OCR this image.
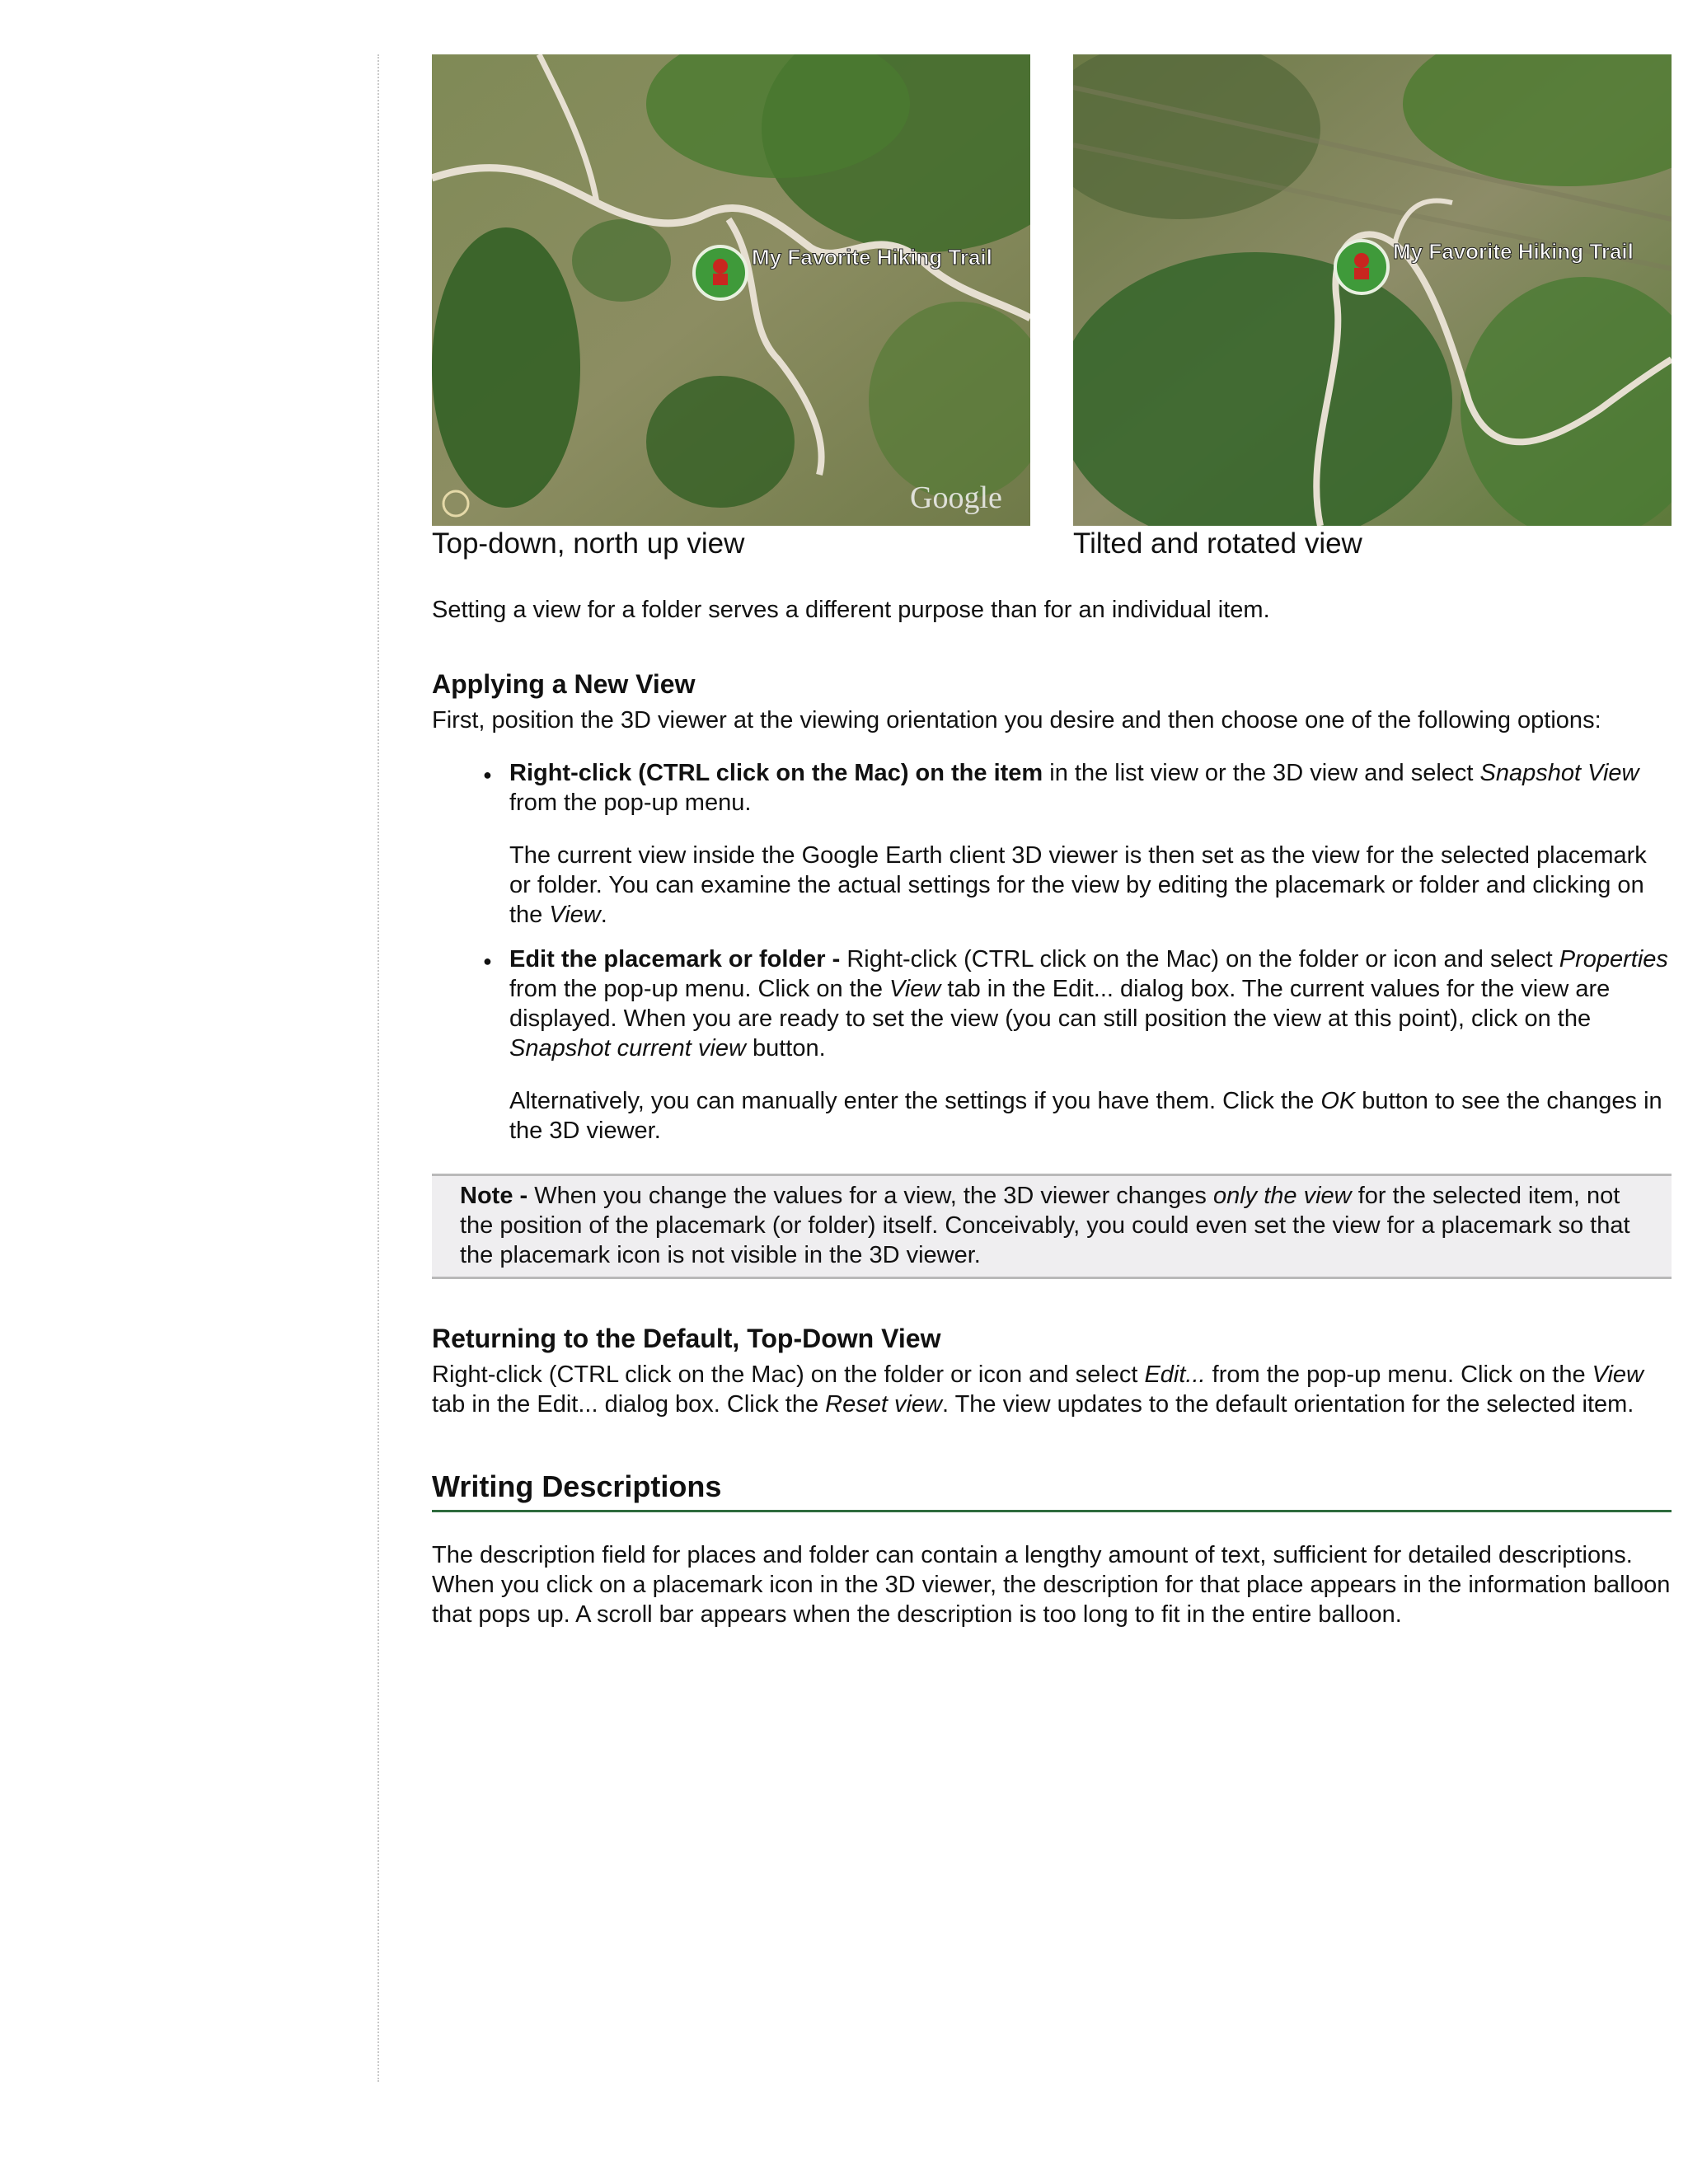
My Favorite Hiking Trail
Google
Top-down, north up view
My Favorite Hiking Trail
Tilted and rotated view

Setting a view for a folder serves a different purpose than for an individual item.

Applying a New View

First, position the 3D viewer at the viewing orientation you desire and then choose one of the following options:

● Right-click (CTRL click on the Mac) on the item in the list view or the 3D view and select Snapshot View from the pop-up menu.
The current view inside the Google Earth client 3D viewer is then set as the view for the selected placemark or folder. You can examine the actual settings for the view by editing the placemark or folder and clicking on the View.
● Edit the placemark or folder - Right-click (CTRL click on the Mac) on the folder or icon and select Properties from the pop-up menu. Click on the View tab in the Edit... dialog box. The current values for the view are displayed. When you are ready to set the view (you can still position the view at this point), click on the Snapshot current view button.
Alternatively, you can manually enter the settings if you have them. Click the OK button to see the changes in the 3D viewer.

Note - When you change the values for a view, the 3D viewer changes only the view for the selected item, not the position of the placemark (or folder) itself. Conceivably, you could even set the view for a placemark so that the placemark icon is not visible in the 3D viewer.

Returning to the Default, Top-Down View

Right-click (CTRL click on the Mac) on the folder or icon and select Edit... from the pop-up menu. Click on the View tab in the Edit... dialog box. Click the Reset view. The view updates to the default orientation for the selected item.

Writing Descriptions

The description field for places and folder can contain a lengthy amount of text, sufficient for detailed descriptions. When you click on a placemark icon in the 3D viewer, the description for that place appears in the information balloon that pops up. A scroll bar appears when the description is too long to fit in the entire balloon.
